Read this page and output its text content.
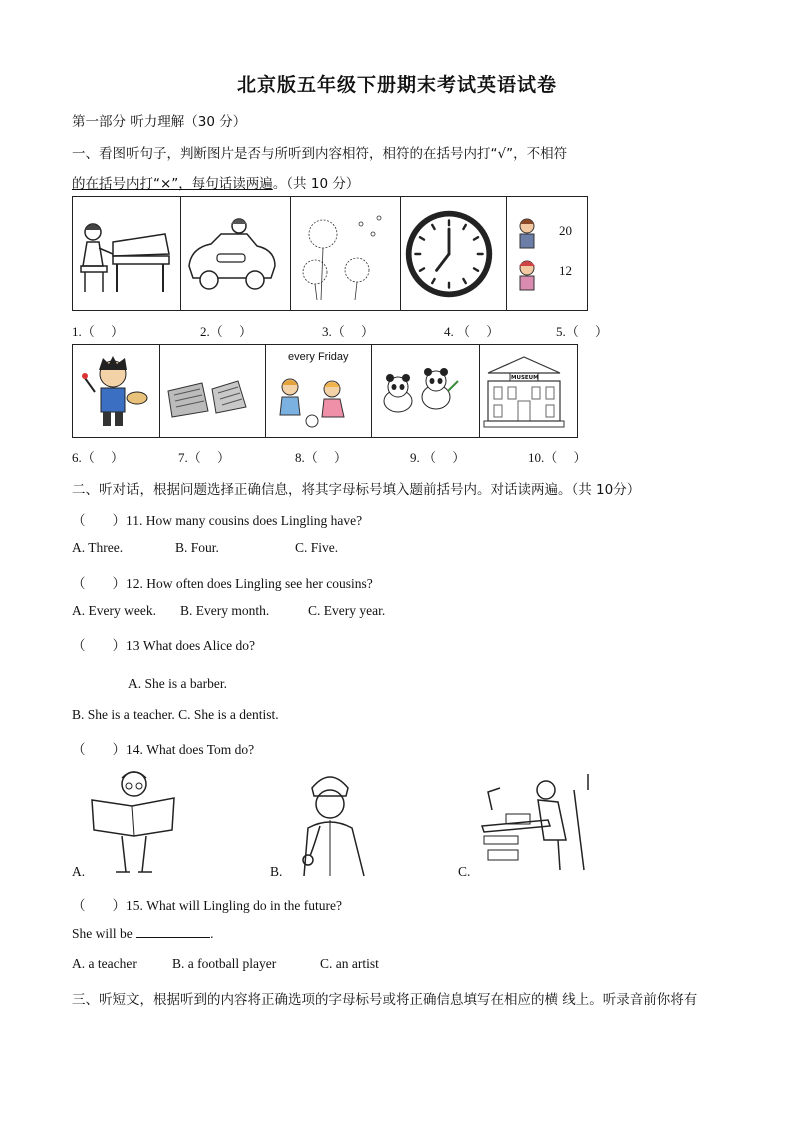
北京版五年级下册期末考试英语试卷
第一部分 听力理解（30 分）
一、看图听句子，判断图片是否与所听到内容相符，相符的在括号内打“√”，不相符
的在括号内打“×”，每句话读两遍。（共 10 分）

20
12
1.（　 ）	2.（　 ）	3.（　 ）	4. （　 ）	5.（　 ）

every Friday

MUSEUM
6.（　 ）	7.（　 ）	8.（　 ）	9. （　 ）	10.（　 ）
二、听对话，根据问题选择正确信息，将其字母标号填入题前括号内。对话读两遍。（共 10分）
（　　）11. How many cousins does Lingling have?
A. Three.	B. Four.	C. Five.
（　　）12. How often does Lingling see her cousins?
A. Every week. B. Every month.	C. Every year.
（　　）13 What does Alice do?
A. She is a barber.
B. She is a teacher. C. She is a dentist.
（　　）14. What does Tom do?
A.	B.	C.
（　　）15. What will Lingling do in the future?
She will be	.
A. a teacher	B. a football player	C. an artist
三、听短文，根据听到的内容将正确选项的字母标号或将正确信息填写在相应的横 线上。听录音前你将有
